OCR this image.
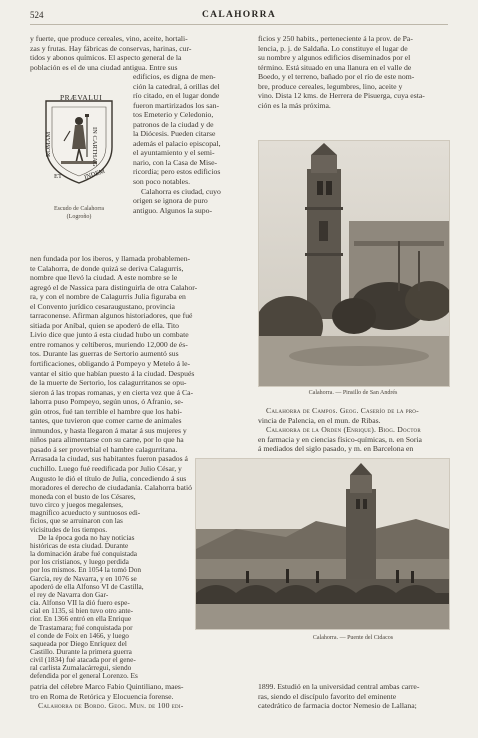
524	CALAHORRA
PRÆVALUI
IN CARTHAG
ROMAM
ET	INDEM
Escudo de Calahorra
(Logroño)

y fuerte, que produce cereales, vino, aceite, hortali-

zas y frutas. Hay fábricas de conservas, harinas, cur-

tidos y abonos químicos. El aspecto general de la

población es el de una ciudad antigua. Entre sus

edificios, es digna de men-

ción la catedral, á orillas del

río citado, en el lugar donde

fueron martirizados los san-

tos Emeterio y Celedonio,

patronos de la ciudad y de

la Diócesis. Pueden citarse

además el palacio episcopal,

el ayuntamiento y el semi-

nario, con la Casa de Mise-

ricordia; pero estos edificios

son poco notables.

Calahorra es ciudad, cuyo

origen se ignora de puro

antiguo. Algunos la supo-

nen fundada por los iberos, y llamada probablemen-

te Calahorra, de donde quizá se deriva Calagurris,

nombre que llevó la ciudad. A este nombre se le

agregó el de Nassica para distinguirla de otra Calahor-

ra, y con el nombre de Calagurris Julia figuraba en

el Convento jurídico cesaraugustano, provincia

tarraconense. Afirman algunos historiadores, que fué

sitiada por Aníbal, quien se apoderó de ella. Tito

Livio dice que junto á esta ciudad hubo un combate

entre romanos y celtíberos, muriendo 12,000 de és-

tos. Durante las guerras de Sertorio aumentó sus

fortificaciones, obligando á Pompeyo y Metelo á le-

vantar el sitio que habían puesto á la ciudad. Después

de la muerte de Sertorio, los calagurritanos se opu-

sieron á las tropas romanas, y en cierta vez que á Ca-

lahorra puso Pompeyo, según unos, ó Afranio, se-

gún otros, fué tan terrible el hambre que los habi-

tantes, que tuvieron que comer carne de animales

inmundos, y hasta llegaron á matar á sus mujeres y

niños para alimentarse con su carne, por lo que ha

pasado á ser proverbial el hambre calagurritana.

Arrasada la ciudad, sus habitantes fueron pasados á

cuchillo. Luego fué reedificada por Julio César, y

Augusto le dió el título de Julia, concediendo á sus

moradores el derecho de ciudadanía. Calahorra batió

moneda con el busto de los Césares,

tuvo circo y juegos megalenses,

magnífico acueducto y suntuosos edi-

ficios, que se arruinaron con las

vicisitudes de los tiempos.

De la época goda no hay noticias

históricas de esta ciudad. Durante

la dominación árabe fué conquistada

por los cristianos, y luego perdida

por los mismos. En 1054 la tomó Don

García, rey de Navarra, y en 1076 se

apoderó de ella Alfonso VI de Castilla,

el rey de Navarra don Gar-

cía. Alfonso VII la dió fuero espe-

cial en 1135, si bien tuvo otro ante-

rior. En 1366 entró en ella Enrique

de Trastamara; fué conquistada por

el conde de Foix en 1466, y luego

saqueada por Diego Enríquez del

Castillo. Durante la primera guerra

civil (1834) fué atacada por el gene-

ral carlista Zumalacárregui, siendo

defendida por el general Lorenzo. Es

patria del célebre Marco Fabio Quintiliano, maes-

tro en Roma de Retórica y Elocuencia forense.

Calahorra de Bordo. Geog. Mun. de 100 edi-

ficios y 250 habits., perteneciente á la prov. de Pa-

lencia, p. j. de Saldaña. Lo constituye el lugar de

su nombre y algunos edificios diseminados por el

término. Está situado en una llanura en el valle de

Boedo, y el terreno, bañado por el río de este nom-

bre, produce cereales, legumbres, lino, aceite y

vino. Dista 12 kms. de Herrera de Pisuerga, cuya esta-

ción es la más próxima.

Calahorra. — Pinsillo de San Andrés

Calahorra de Campos. Geog. Caserío de la pro-

vincia de Palencia, en el mun. de Ribas.

Calahorra de la Orden (Enrique). Biog. Doctor

en farmacia y en ciencias físico-químicas, n. en Soria

á mediados del siglo pasado, y m. en Barcelona en

Calahorra. — Puente del Cidacos

1899. Estudió en la universidad central ambas carre-

ras, siendo el discípulo favorito del eminente

catedrático de farmacia doctor Nemesio de Lallana;
